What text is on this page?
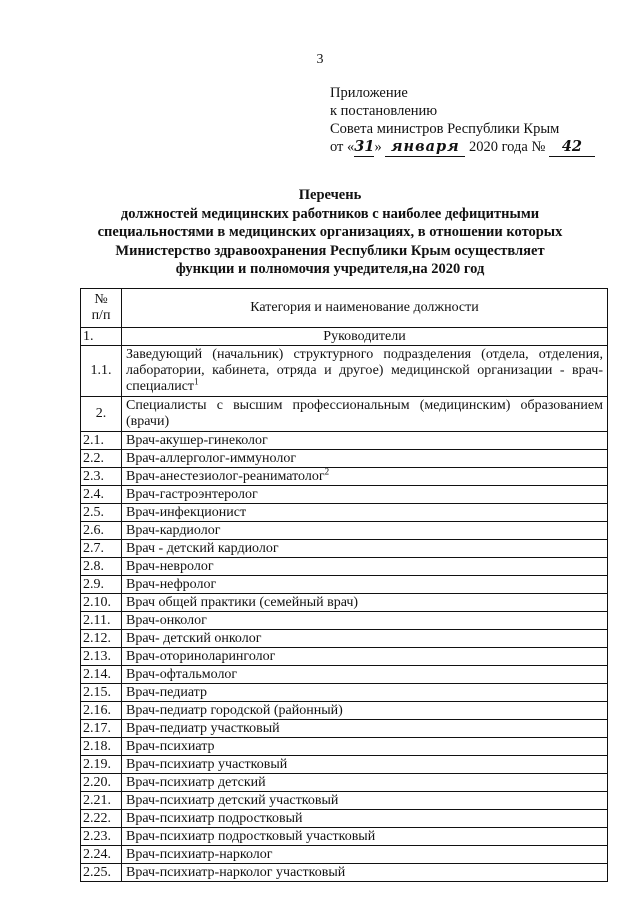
3
Приложение
к постановлению
Совета министров Республики Крым
от «31» января 2020 года № 42
Перечень
должностей медицинских работников с наиболее дефицитными
специальностями в медицинских организациях, в отношении которых
Министерство здравоохранения Республики Крым осуществляет
функции и полномочия учредителя,на 2020 год
№
п/п	Категория и наименование должности
1.	Руководители
1.1.	Заведующий (начальник) структурного подразделения (отдела, отделения, лаборатории, кабинета, отряда и другое) медицинской организации - врач-специалист$^1$
2.	Специалисты с высшим профессиональным (медицинским) образованием (врачи)
2.1.	Врач-акушер-гинеколог
2.2.	Врач-аллерголог-иммунолог
2.3.	Врач-анестезиолог-реаниматолог$^2$
2.4.	Врач-гастроэнтеролог
2.5.	Врач-инфекционист
2.6.	Врач-кардиолог
2.7.	Врач - детский кардиолог
2.8.	Врач-невролог
2.9.	Врач-нефролог
2.10.	Врач общей практики (семейный врач)
2.11.	Врач-онколог
2.12.	Врач- детский онколог
2.13.	Врач-оториноларинголог
2.14.	Врач-офтальмолог
2.15.	Врач-педиатр
2.16.	Врач-педиатр городской (районный)
2.17.	Врач-педиатр участковый
2.18.	Врач-психиатр
2.19.	Врач-психиатр участковый
2.20.	Врач-психиатр детский
2.21.	Врач-психиатр детский участковый
2.22.	Врач-психиатр подростковый
2.23.	Врач-психиатр подростковый участковый
2.24.	Врач-психиатр-нарколог
2.25.	Врач-психиатр-нарколог участковый
